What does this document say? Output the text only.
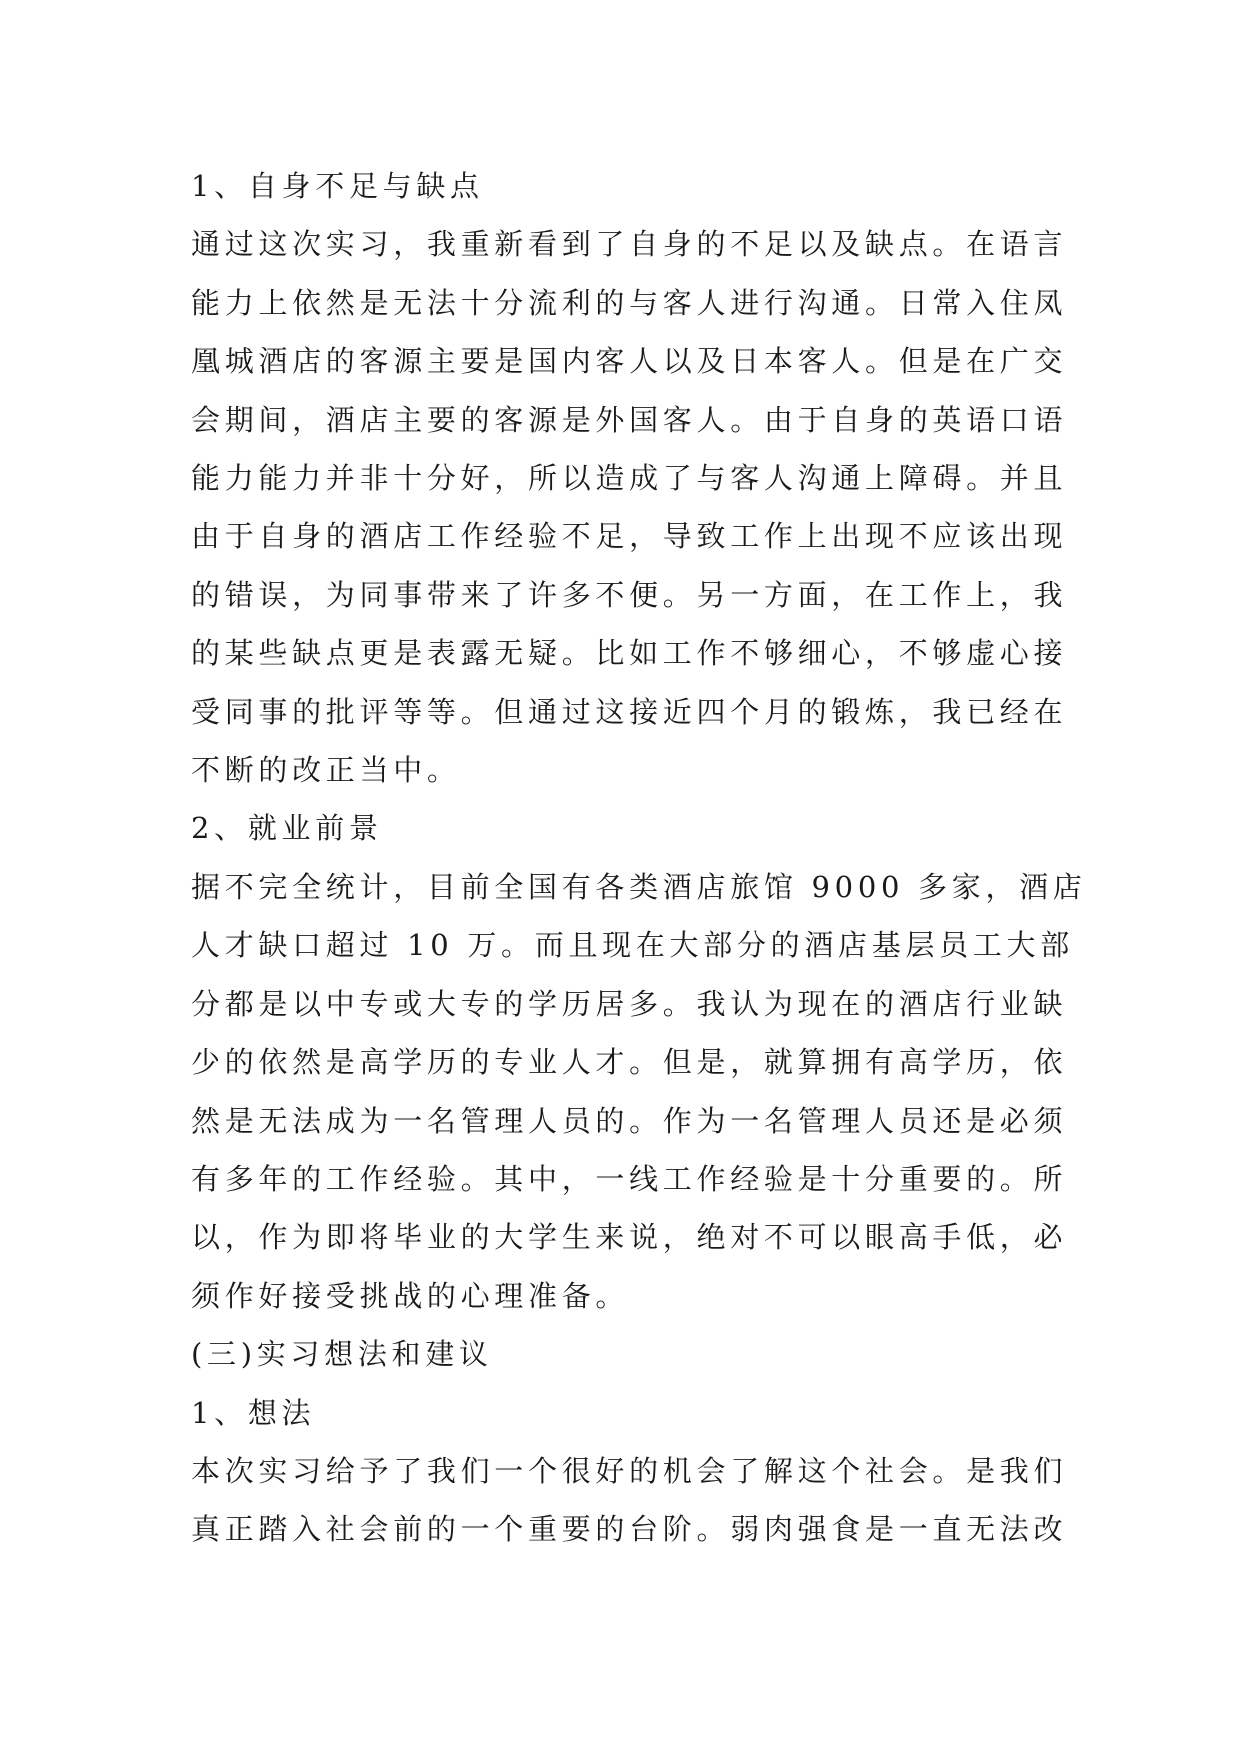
1、自身不足与缺点
通过这次实习，我重新看到了自身的不足以及缺点。在语言
能力上依然是无法十分流利的与客人进行沟通。日常入住凤
凰城酒店的客源主要是国内客人以及日本客人。但是在广交
会期间，酒店主要的客源是外国客人。由于自身的英语口语
能力能力并非十分好，所以造成了与客人沟通上障碍。并且
由于自身的酒店工作经验不足，导致工作上出现不应该出现
的错误，为同事带来了许多不便。另一方面，在工作上，我
的某些缺点更是表露无疑。比如工作不够细心，不够虚心接
受同事的批评等等。但通过这接近四个月的锻炼，我已经在
不断的改正当中。
2、就业前景
据不完全统计，目前全国有各类酒店旅馆 9000 多家，酒店
人才缺口超过 10 万。而且现在大部分的酒店基层员工大部
分都是以中专或大专的学历居多。我认为现在的酒店行业缺
少的依然是高学历的专业人才。但是，就算拥有高学历，依
然是无法成为一名管理人员的。作为一名管理人员还是必须
有多年的工作经验。其中，一线工作经验是十分重要的。所
以，作为即将毕业的大学生来说，绝对不可以眼高手低，必
须作好接受挑战的心理准备。
(三)实习想法和建议
1、想法
本次实习给予了我们一个很好的机会了解这个社会。是我们
真正踏入社会前的一个重要的台阶。弱肉强食是一直无法改
